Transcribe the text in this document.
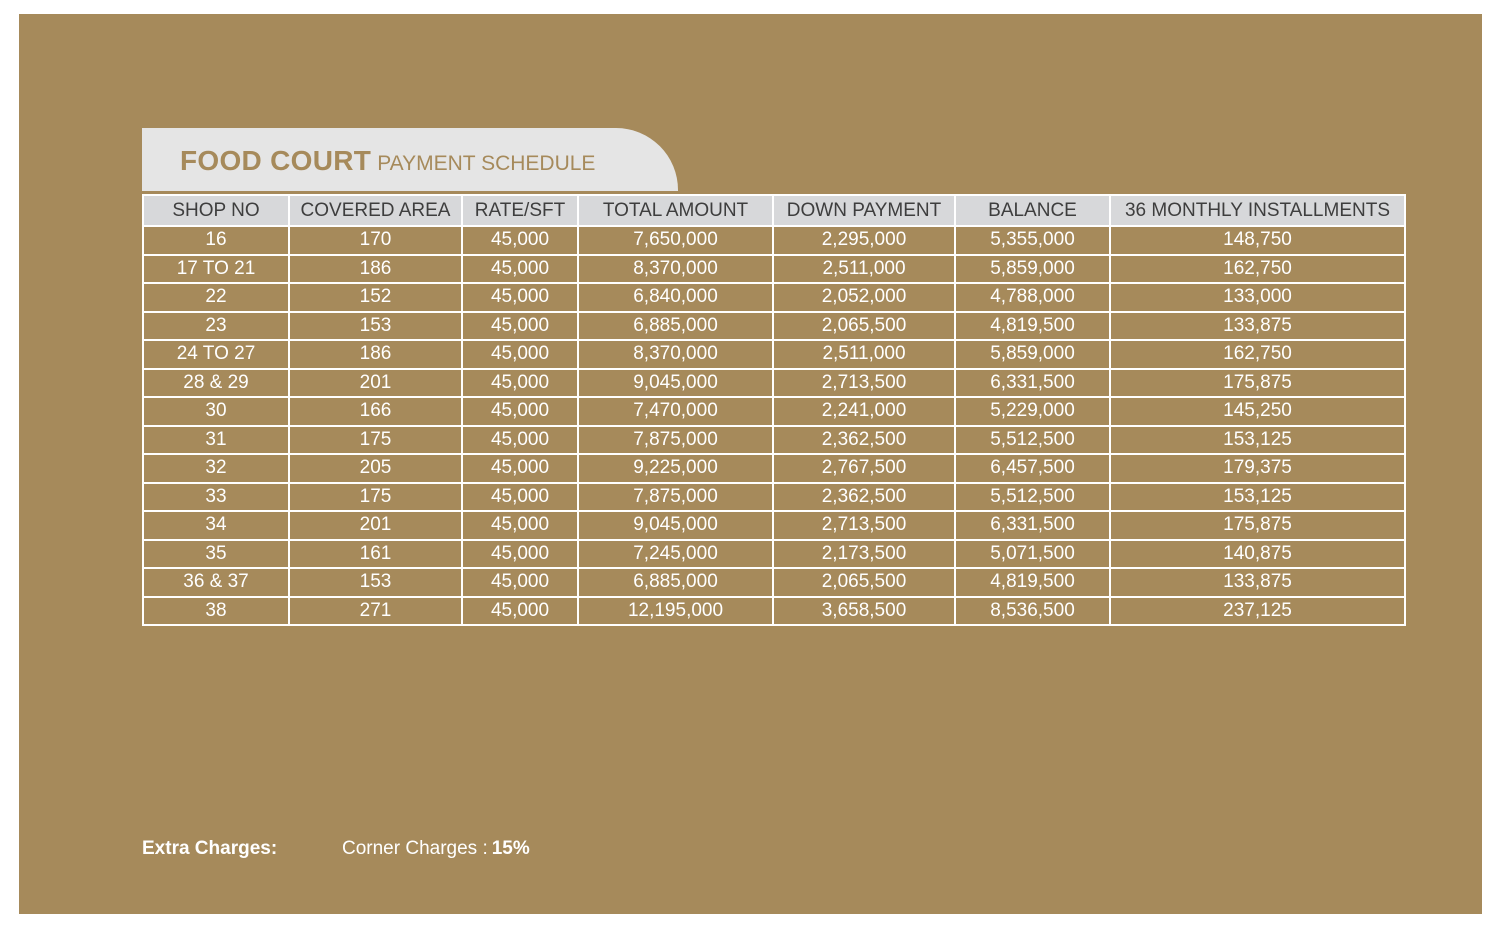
FOOD COURT PAYMENT SCHEDULE
SHOP NO	COVERED AREA	RATE/SFT	TOTAL AMOUNT	DOWN PAYMENT	BALANCE	36 MONTHLY INSTALLMENTS
16	170	45,000	7,650,000	2,295,000	5,355,000	148,750
17 TO 21	186	45,000	8,370,000	2,511,000	5,859,000	162,750
22	152	45,000	6,840,000	2,052,000	4,788,000	133,000
23	153	45,000	6,885,000	2,065,500	4,819,500	133,875
24 TO 27	186	45,000	8,370,000	2,511,000	5,859,000	162,750
28 & 29	201	45,000	9,045,000	2,713,500	6,331,500	175,875
30	166	45,000	7,470,000	2,241,000	5,229,000	145,250
31	175	45,000	7,875,000	2,362,500	5,512,500	153,125
32	205	45,000	9,225,000	2,767,500	6,457,500	179,375
33	175	45,000	7,875,000	2,362,500	5,512,500	153,125
34	201	45,000	9,045,000	2,713,500	6,331,500	175,875
35	161	45,000	7,245,000	2,173,500	5,071,500	140,875
36 & 37	153	45,000	6,885,000	2,065,500	4,819,500	133,875
38	271	45,000	12,195,000	3,658,500	8,536,500	237,125
Extra Charges:	Corner Charges : 15%
